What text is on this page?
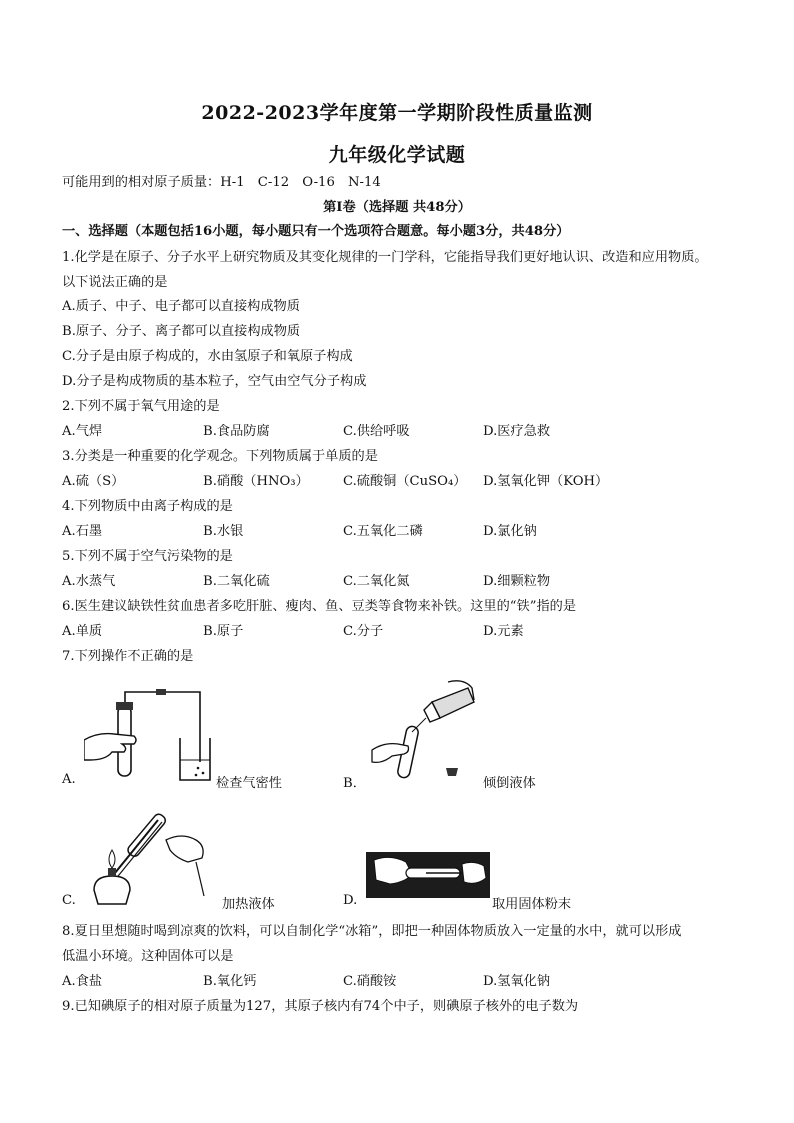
2022-2023学年度第一学期阶段性质量监测
九年级化学试题
可能用到的相对原子质量：H-1　C-12　O-16　N-14
第Ⅰ卷（选择题 共48分）
一、选择题（本题包括16小题，每小题只有一个选项符合题意。每小题3分，共48分）
1.化学是在原子、分子水平上研究物质及其变化规律的一门学科，它能指导我们更好地认识、改造和应用物质。
以下说法正确的是
A.质子、中子、电子都可以直接构成物质
B.原子、分子、离子都可以直接构成物质
C.分子是由原子构成的，水由氢原子和氧原子构成
D.分子是构成物质的基本粒子，空气由空气分子构成
2.下列不属于氧气用途的是
A.气焊	B.食品防腐	C.供给呼吸	D.医疗急救
3.分类是一种重要的化学观念。下列物质属于单质的是
A.硫（S）	B.硝酸（HNO₃）	C.硫酸铜（CuSO₄） D.氢氧化钾（KOH）
4.下列物质中由离子构成的是
A.石墨	B.水银	C.五氧化二磷	D.氯化钠
5.下列不属于空气污染物的是
A.水蒸气	B.二氧化硫	C.二氧化氮	D.细颗粒物
6.医生建议缺铁性贫血患者多吃肝脏、瘦肉、鱼、豆类等食物来补铁。这里的“铁”指的是
A.单质	B.原子	C.分子	D.元素
7.下列操作不正确的是
A.	检查气密性	B．	倾倒液体
C.	加热液体	D.	取用固体粉末
8.夏日里想随时喝到凉爽的饮料，可以自制化学“冰箱”，即把一种固体物质放入一定量的水中，就可以形成
低温小环境。这种固体可以是
A.食盐	B.氧化钙	C.硝酸铵	D.氢氧化钠
9.已知碘原子的相对原子质量为127，其原子核内有74个中子，则碘原子核外的电子数为
